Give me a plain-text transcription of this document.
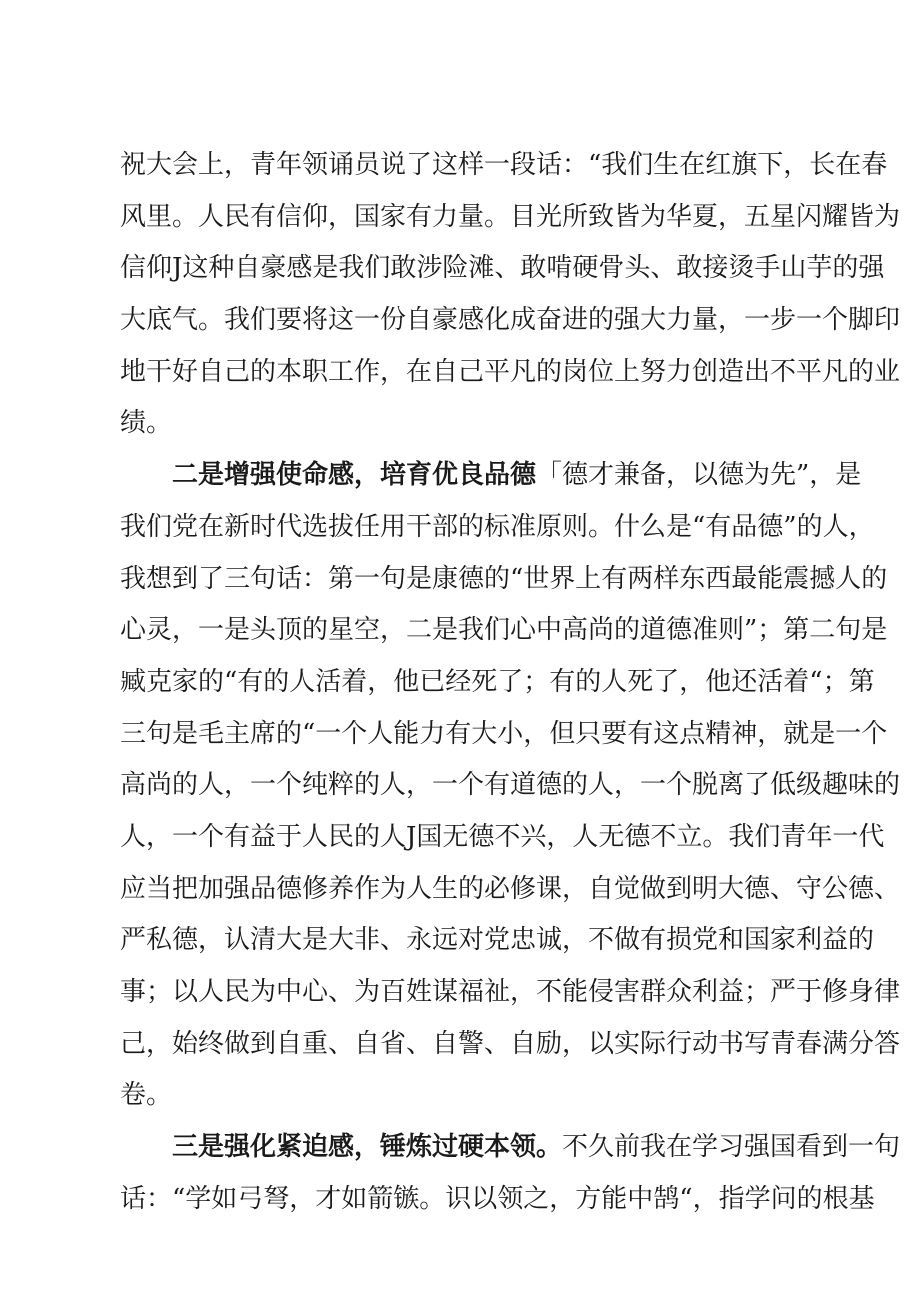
祝大会上，青年领诵员说了这样一段话：“我们生在红旗下，长在春
风里。人民有信仰，国家有力量。目光所致皆为华夏，五星闪耀皆为
信仰J这种自豪感是我们敢涉险滩、敢啃硬骨头、敢接烫手山芋的强
大底气。我们要将这一份自豪感化成奋进的强大力量，一步一个脚印
地干好自己的本职工作，在自己平凡的岗位上努力创造出不平凡的业
绩。
二是增强使命感，培育优良品德「德才兼备，以德为先”，是
我们党在新时代选拔任用干部的标准原则。什么是“有品德”的人，
我想到了三句话：第一句是康德的“世界上有两样东西最能震撼人的
心灵，一是头顶的星空，二是我们心中高尚的道德准则”；第二句是
臧克家的“有的人活着，他已经死了；有的人死了，他还活着“；第
三句是毛主席的“一个人能力有大小，但只要有这点精神，就是一个
高尚的人，一个纯粹的人，一个有道德的人，一个脱离了低级趣味的
人，一个有益于人民的人J国无德不兴，人无德不立。我们青年一代
应当把加强品德修养作为人生的必修课，自觉做到明大德、守公德、
严私德，认清大是大非、永远对党忠诚，不做有损党和国家利益的
事；以人民为中心、为百姓谋福祉，不能侵害群众利益；严于修身律
己，始终做到自重、自省、自警、自励，以实际行动书写青春满分答
卷。
三是强化紧迫感，锤炼过硬本领。不久前我在学习强国看到一句
话：“学如弓弩，才如箭镞。识以领之，方能中鹄“，指学问的根基
